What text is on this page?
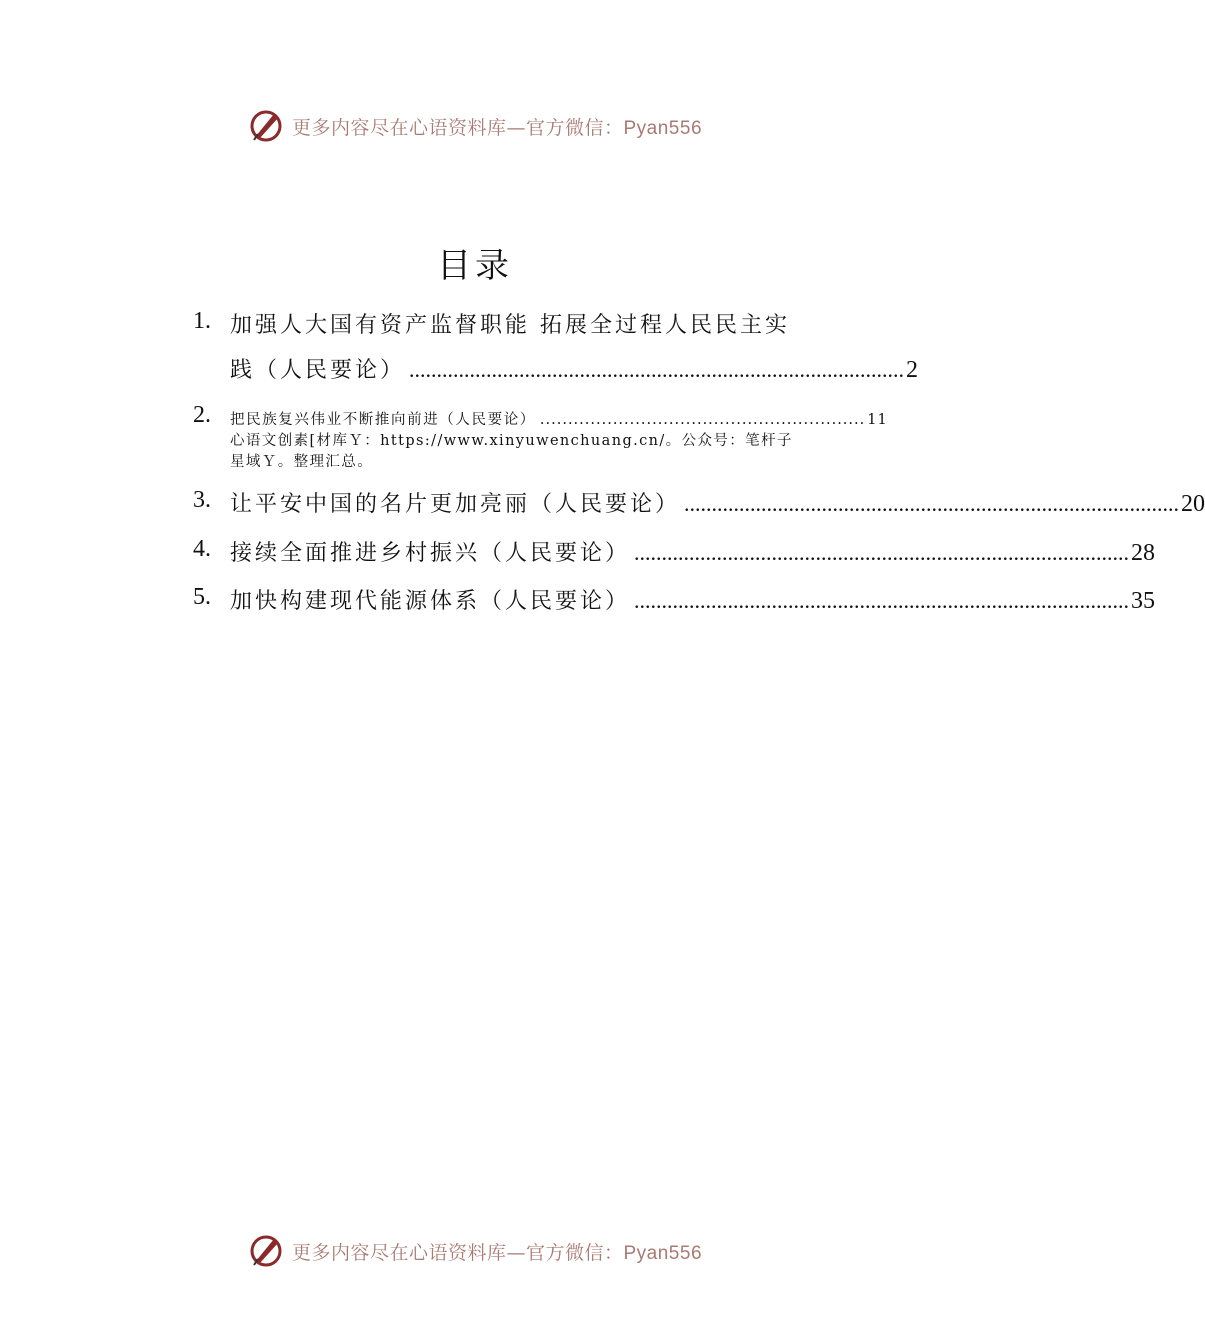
更多内容尽在心语资料库—官方微信：Pyan556
目录
1. 加强人大国有资产监督职能 拓展全过程人民民主实
践（人民要论） .......................................................................................... 2
2. 把民族复兴伟业不断推向前进（人民要论） .......................................................... 11
心语文创素[材库Ｙ：https://www.xinyuwenchuang.cn/。公众号：笔杆子星域Ｙ。整理汇总。
3. 让平安中国的名片更加亮丽（人民要论） .......................................................................................... 20
4. 接续全面推进乡村振兴（人民要论） .......................................................................................... 28
5. 加快构建现代能源体系（人民要论） .......................................................................................... 35
更多内容尽在心语资料库—官方微信：Pyan556
